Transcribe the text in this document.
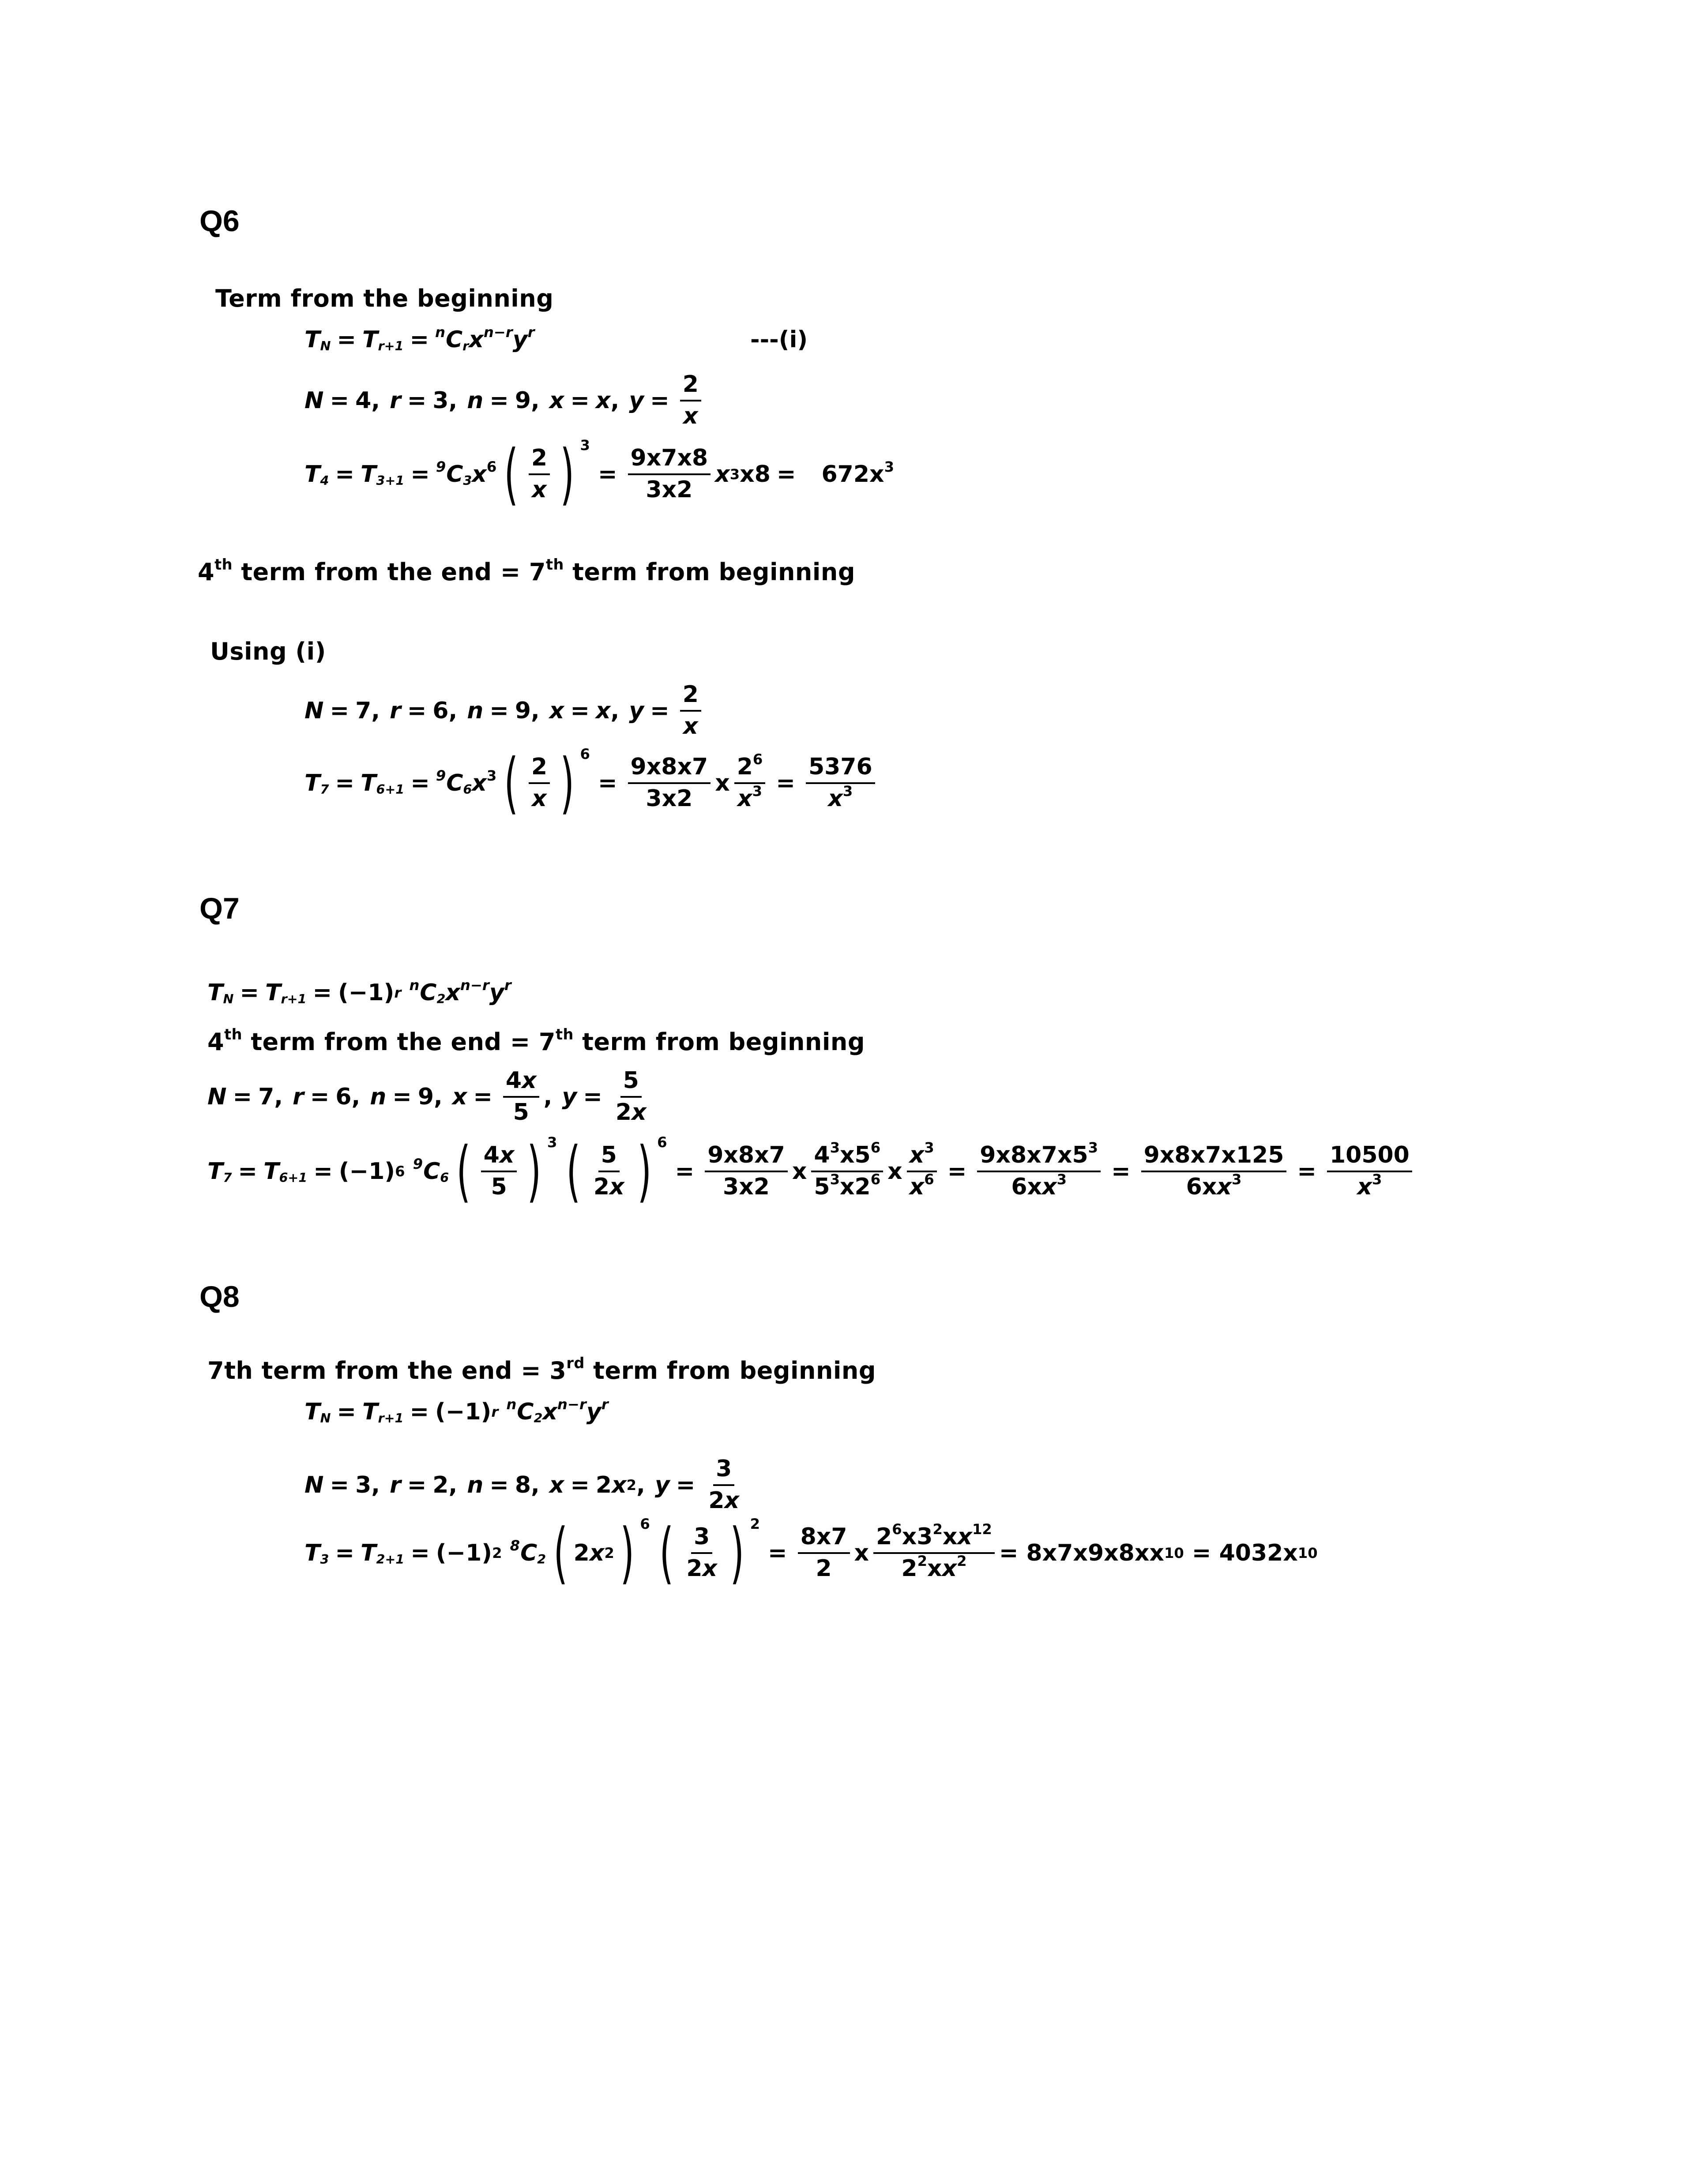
Q6
Term from the beginning
$T_N = T_{r+1} = ^nC_rx^{n-r}y^r$	---(i)
N = 4, r = 3, n = 9, x = x , $y = \frac{2}{x}$
$T_4 = T_{3+1} = ^9C_3x^6$ ( $\frac{2}{x}$ ) 3
= $\frac{9x7x8}{3x2}$ x 3 $x8 = 672x^3$
4th term from the end = 7th term from beginning
Using (i)
N = 7, r = 6, n = 9, x = x , $y = \frac{2}{x}$
$T_7 = T_{6+1} = ^9C_6x^3$ ( $\frac{2}{x}$ ) 6
= $\frac{9x8x7}{3x2}$ x $\frac{2^6}{x^3} = \frac{5376}{x^3}$
Q7
$T_N = T_{r+1} = (-1)$ r
$^nC_2x^{n-r}y^r$
4th term from the end = 7th term from beginning
N = 7, r = 6, n = 9, $x = \frac{4x}{5}$ , $y = \frac{5}{2x}$
$T_7 = T_{6+1} = (-1)$ 6
$^9C_6$ ( $\frac{4x}{5}$ ) 3 ( $\frac{5}{2x}$ ) 6
= $\frac{9x8x7}{3x2}$ x $\frac{4^3x5^6}{5^3x2^6}$ x $\frac{x^3}{x^6} = \frac{9x8x7x5^3}{6xx^3} = \frac{9x8x7x125}{6xx^3} = \frac{10500}{x^3}$
Q8
7th term from the end = 3rd term from beginning
$T_N = T_{r+1} = (-1)$ r
$^nC_2x^{n-r}y^r$
N = 3, r = 2, n = 8, x = 2 x 2 , $y = \frac{3}{2x}$
$T_3 = T_{2+1} = (-1)$ 2
$^8C_2$ ( 2 x 2 ) 6 ( $\frac{3}{2x}$ ) 2
= $\frac{8x7}{2}$ x $\frac{2^6x3^2xx^{12}}{2^2xx^2} = 8x7x9x8xx$ 10
= 4032x 10
